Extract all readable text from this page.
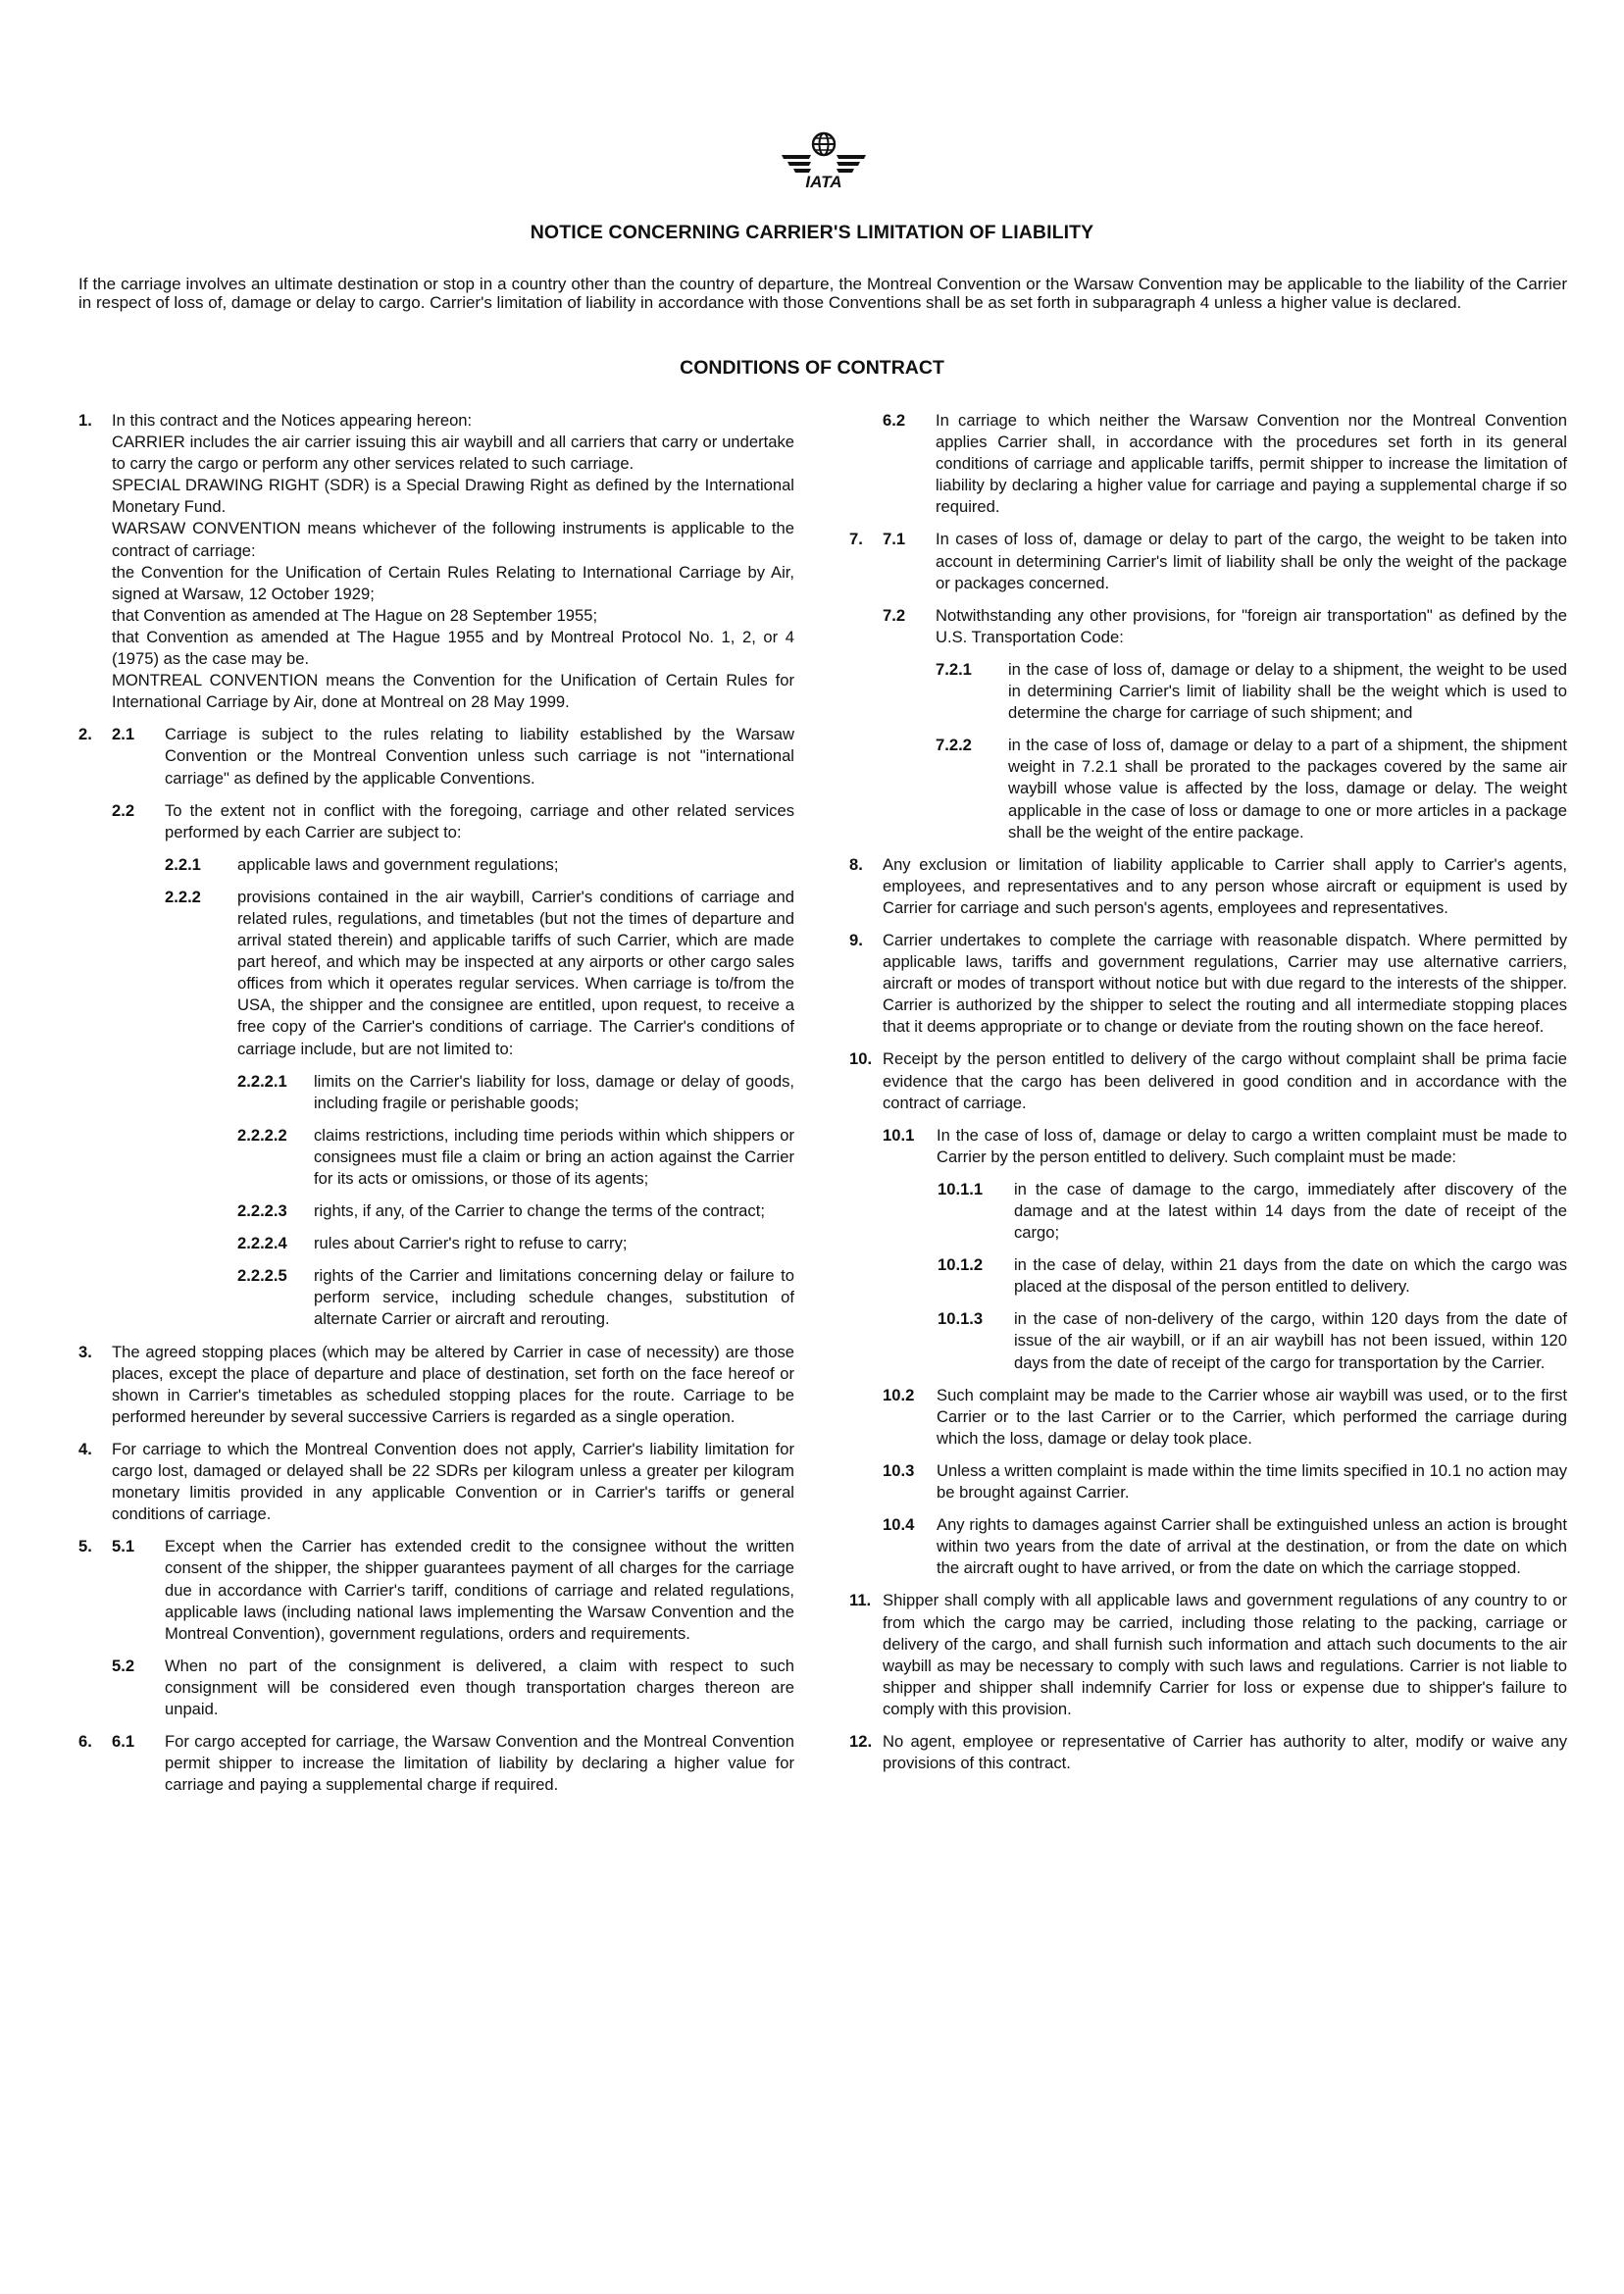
IATA
NOTICE CONCERNING CARRIER'S LIMITATION OF LIABILITY
If the carriage involves an ultimate destination or stop in a country other than the country of departure, the Montreal Convention or the Warsaw Convention may be applicable to the liability of the Carrier in respect of loss of, damage or delay to cargo. Carrier's limitation of liability in accordance with those Conventions shall be as set forth in subparagraph 4 unless a higher value is declared.
CONDITIONS OF CONTRACT
1.	In this contract and the Notices appearing hereon:
CARRIER includes the air carrier issuing this air waybill and all carriers that carry or undertake to carry the cargo or perform any other services related to such carriage.
SPECIAL DRAWING RIGHT (SDR) is a Special Drawing Right as defined by the International Monetary Fund.
WARSAW CONVENTION means whichever of the following instruments is applicable to the contract of carriage:
the Convention for the Unification of Certain Rules Relating to International Carriage by Air, signed at Warsaw, 12 October 1929;
that Convention as amended at The Hague on 28 September 1955;
that Convention as amended at The Hague 1955 and by Montreal Protocol No. 1, 2, or 4 (1975) as the case may be.
MONTREAL CONVENTION means the Convention for the Unification of Certain Rules for International Carriage by Air, done at Montreal on 28 May 1999.
2.	2.1	Carriage is subject to the rules relating to liability established by the Warsaw Convention or the Montreal Convention unless such carriage is not "international carriage" as defined by the applicable Conventions.
2.2	To the extent not in conflict with the foregoing, carriage and other related services performed by each Carrier are subject to:
2.2.1	applicable laws and government regulations;
2.2.2	provisions contained in the air waybill, Carrier's conditions of carriage and related rules, regulations, and timetables (but not the times of departure and arrival stated therein) and applicable tariffs of such Carrier, which are made part hereof, and which may be inspected at any airports or other cargo sales offices from which it operates regular services. When carriage is to/from the USA, the shipper and the consignee are entitled, upon request, to receive a free copy of the Carrier's conditions of carriage. The Carrier's conditions of carriage include, but are not limited to:
2.2.2.1	limits on the Carrier's liability for loss, damage or delay of goods, including fragile or perishable goods;
2.2.2.2	claims restrictions, including time periods within which shippers or consignees must file a claim or bring an action against the Carrier for its acts or omissions, or those of its agents;
2.2.2.3	rights, if any, of the Carrier to change the terms of the contract;
2.2.2.4	rules about Carrier's right to refuse to carry;
2.2.2.5	rights of the Carrier and limitations concerning delay or failure to perform service, including schedule changes, substitution of alternate Carrier or aircraft and rerouting.
3.	The agreed stopping places (which may be altered by Carrier in case of necessity) are those places, except the place of departure and place of destination, set forth on the face hereof or shown in Carrier's timetables as scheduled stopping places for the route. Carriage to be performed hereunder by several successive Carriers is regarded as a single operation.
4.	For carriage to which the Montreal Convention does not apply, Carrier's liability limitation for cargo lost, damaged or delayed shall be 22 SDRs per kilogram unless a greater per kilogram monetary limitis provided in any applicable Convention or in Carrier's tariffs or general conditions of carriage.
5.	5.1	Except when the Carrier has extended credit to the consignee without the written consent of the shipper, the shipper guarantees payment of all charges for the carriage due in accordance with Carrier's tariff, conditions of carriage and related regulations, applicable laws (including national laws implementing the Warsaw Convention and the Montreal Convention), government regulations, orders and requirements.
5.2	When no part of the consignment is delivered, a claim with respect to such consignment will be considered even though transportation charges thereon are unpaid.
6.	6.1	For cargo accepted for carriage, the Warsaw Convention and the Montreal Convention permit shipper to increase the limitation of liability by declaring a higher value for carriage and paying a supplemental charge if required.
6.2	In carriage to which neither the Warsaw Convention nor the Montreal Convention applies Carrier shall, in accordance with the procedures set forth in its general conditions of carriage and applicable tariffs, permit shipper to increase the limitation of liability by declaring a higher value for carriage and paying a supplemental charge if so required.
7.	7.1	In cases of loss of, damage or delay to part of the cargo, the weight to be taken into account in determining Carrier's limit of liability shall be only the weight of the package or packages concerned.
7.2	Notwithstanding any other provisions, for "foreign air transportation" as defined by the U.S. Transportation Code:
7.2.1	in the case of loss of, damage or delay to a shipment, the weight to be used in determining Carrier's limit of liability shall be the weight which is used to determine the charge for carriage of such shipment; and
7.2.2	in the case of loss of, damage or delay to a part of a shipment, the shipment weight in 7.2.1 shall be prorated to the packages covered by the same air waybill whose value is affected by the loss, damage or delay. The weight applicable in the case of loss or damage to one or more articles in a package shall be the weight of the entire package.
8.	Any exclusion or limitation of liability applicable to Carrier shall apply to Carrier's agents, employees, and representatives and to any person whose aircraft or equipment is used by Carrier for carriage and such person's agents, employees and representatives.
9.	Carrier undertakes to complete the carriage with reasonable dispatch. Where permitted by applicable laws, tariffs and government regulations, Carrier may use alternative carriers, aircraft or modes of transport without notice but with due regard to the interests of the shipper. Carrier is authorized by the shipper to select the routing and all intermediate stopping places that it deems appropriate or to change or deviate from the routing shown on the face hereof.
10. Receipt by the person entitled to delivery of the cargo without complaint shall be prima facie evidence that the cargo has been delivered in good condition and in accordance with the contract of carriage.
10.1	In the case of loss of, damage or delay to cargo a written complaint must be made to Carrier by the person entitled to delivery. Such complaint must be made:
10.1.1	in the case of damage to the cargo, immediately after discovery of the damage and at the latest within 14 days from the date of receipt of the cargo;
10.1.2	in the case of delay, within 21 days from the date on which the cargo was placed at the disposal of the person entitled to delivery.
10.1.3	in the case of non-delivery of the cargo, within 120 days from the date of issue of the air waybill, or if an air waybill has not been issued, within 120 days from the date of receipt of the cargo for transportation by the Carrier.
10.2	Such complaint may be made to the Carrier whose air waybill was used, or to the first Carrier or to the last Carrier or to the Carrier, which performed the carriage during which the loss, damage or delay took place.
10.3	Unless a written complaint is made within the time limits specified in 10.1 no action may be brought against Carrier.
10.4	Any rights to damages against Carrier shall be extinguished unless an action is brought within two years from the date of arrival at the destination, or from the date on which the aircraft ought to have arrived, or from the date on which the carriage stopped.
11. Shipper shall comply with all applicable laws and government regulations of any country to or from which the cargo may be carried, including those relating to the packing, carriage or delivery of the cargo, and shall furnish such information and attach such documents to the air waybill as may be necessary to comply with such laws and regulations. Carrier is not liable to shipper and shipper shall indemnify Carrier for loss or expense due to shipper's failure to comply with this provision.
12. No agent, employee or representative of Carrier has authority to alter, modify or waive any provisions of this contract.
